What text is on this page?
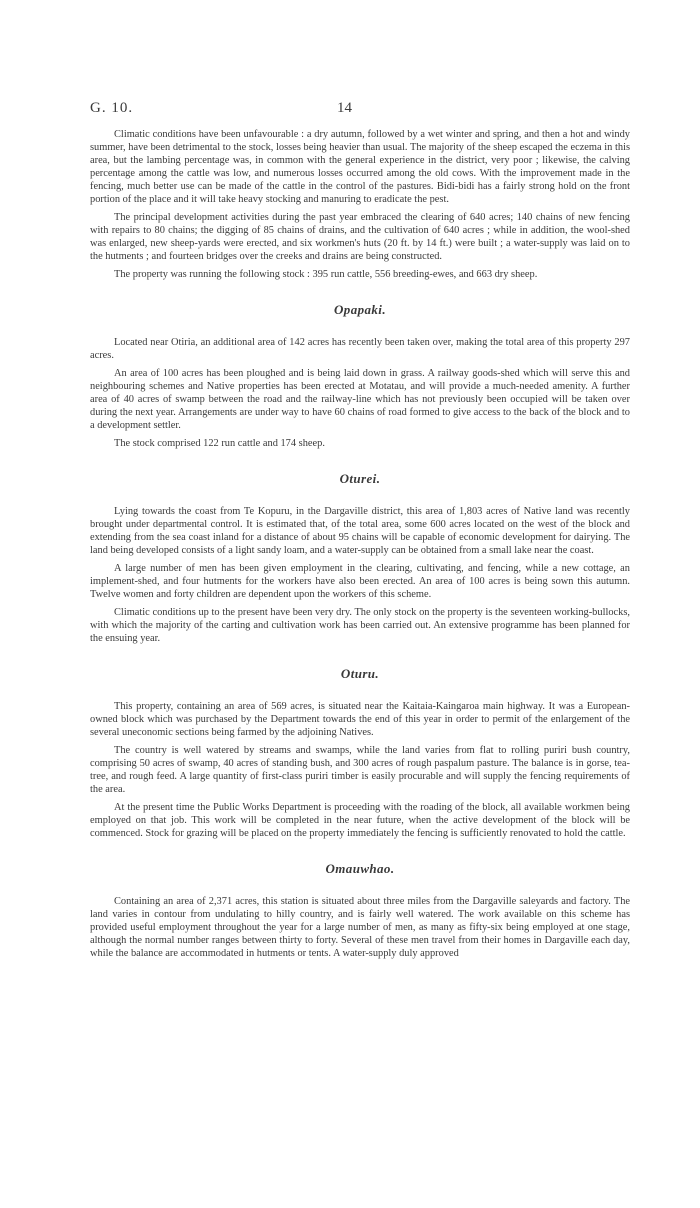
G. 10.	14

Climatic conditions have been unfavourable : a dry autumn, followed by a wet winter and spring, and then a hot and windy summer, have been detrimental to the stock, losses being heavier than usual. The majority of the sheep escaped the eczema in this area, but the lambing percentage was, in common with the general experience in the district, very poor ; likewise, the calving percentage among the cattle was low, and numerous losses occurred among the old cows. With the improvement made in the fencing, much better use can be made of the cattle in the control of the pastures. Bidi-bidi has a fairly strong hold on the front portion of the place and it will take heavy stocking and manuring to eradicate the pest.

The principal development activities during the past year embraced the clearing of 640 acres; 140 chains of new fencing with repairs to 80 chains; the digging of 85 chains of drains, and the cultivation of 640 acres ; while in addition, the wool-shed was enlarged, new sheep-yards were erected, and six workmen's huts (20 ft. by 14 ft.) were built ; a water-supply was laid on to the hutments ; and fourteen bridges over the creeks and drains are being constructed.

The property was running the following stock : 395 run cattle, 556 breeding-ewes, and 663 dry sheep.

Opapaki.

Located near Otiria, an additional area of 142 acres has recently been taken over, making the total area of this property 297 acres.

An area of 100 acres has been ploughed and is being laid down in grass. A railway goods-shed which will serve this and neighbouring schemes and Native properties has been erected at Motatau, and will provide a much-needed amenity. A further area of 40 acres of swamp between the road and the railway-line which has not previously been occupied will be taken over during the next year. Arrangements are under way to have 60 chains of road formed to give access to the back of the block and to a development settler.

The stock comprised 122 run cattle and 174 sheep.

Oturei.

Lying towards the coast from Te Kopuru, in the Dargaville district, this area of 1,803 acres of Native land was recently brought under departmental control. It is estimated that, of the total area, some 600 acres located on the west of the block and extending from the sea coast inland for a distance of about 95 chains will be capable of economic development for dairying. The land being developed consists of a light sandy loam, and a water-supply can be obtained from a small lake near the coast.

A large number of men has been given employment in the clearing, cultivating, and fencing, while a new cottage, an implement-shed, and four hutments for the workers have also been erected. An area of 100 acres is being sown this autumn. Twelve women and forty children are dependent upon the workers of this scheme.

Climatic conditions up to the present have been very dry. The only stock on the property is the seventeen working-bullocks, with which the majority of the carting and cultivation work has been carried out. An extensive programme has been planned for the ensuing year.

Oturu.

This property, containing an area of 569 acres, is situated near the Kaitaia-Kaingaroa main highway. It was a European-owned block which was purchased by the Department towards the end of this year in order to permit of the enlargement of the several uneconomic sections being farmed by the adjoining Natives.

The country is well watered by streams and swamps, while the land varies from flat to rolling puriri bush country, comprising 50 acres of swamp, 40 acres of standing bush, and 300 acres of rough paspalum pasture. The balance is in gorse, tea-tree, and rough feed. A large quantity of first-class puriri timber is easily procurable and will supply the fencing requirements of the area.

At the present time the Public Works Department is proceeding with the roading of the block, all available workmen being employed on that job. This work will be completed in the near future, when the active development of the block will be commenced. Stock for grazing will be placed on the property immediately the fencing is sufficiently renovated to hold the cattle.

Omauwhao.

Containing an area of 2,371 acres, this station is situated about three miles from the Dargaville saleyards and factory. The land varies in contour from undulating to hilly country, and is fairly well watered. The work available on this scheme has provided useful employment throughout the year for a large number of men, as many as fifty-six being employed at one stage, although the normal number ranges between thirty to forty. Several of these men travel from their homes in Dargaville each day, while the balance are accommodated in hutments or tents. A water-supply duly approved
